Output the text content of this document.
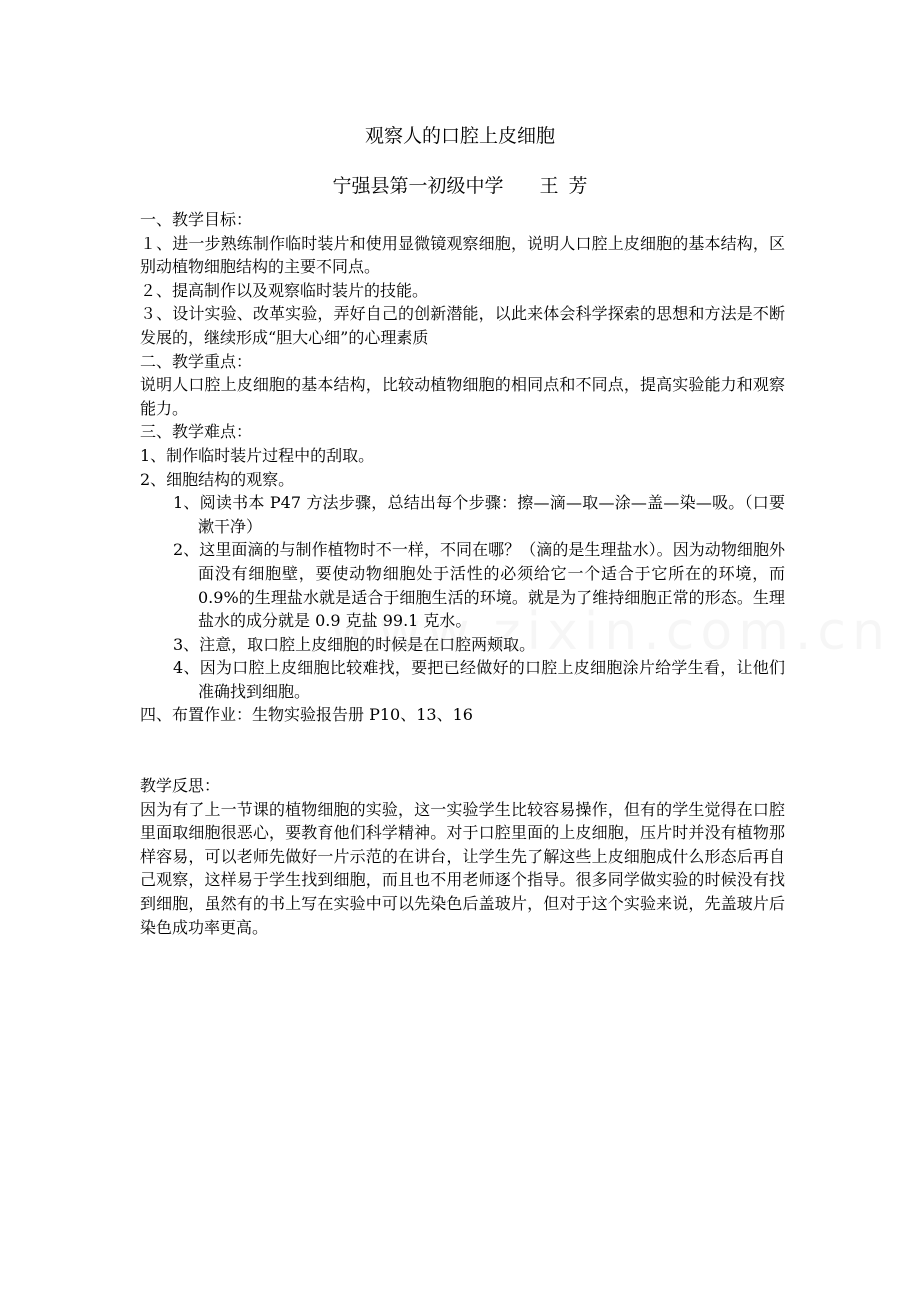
观察人的口腔上皮细胞
宁强县第一初级中学 王 芳

一、教学目标：

１、进一步熟练制作临时装片和使用显微镜观察细胞，说明人口腔上皮细胞的基本结构，区别动植物细胞结构的主要不同点。

２、提高制作以及观察临时装片的技能。

３、设计实验、改革实验，弄好自己的创新潜能，以此来体会科学探索的思想和方法是不断发展的，继续形成“胆大心细”的心理素质

二、教学重点：

说明人口腔上皮细胞的基本结构，比较动植物细胞的相同点和不同点，提高实验能力和观察能力。

三、教学难点：

1、制作临时装片过程中的刮取。

2、细胞结构的观察。

1、阅读书本 P47 方法步骤，总结出每个步骤：擦—滴—取—涂—盖—染—吸。（口要漱干净）

2、这里面滴的与制作植物时不一样，不同在哪？（滴的是生理盐水）。因为动物细胞外面没有细胞壁，要使动物细胞处于活性的必须给它一个适合于它所在的环境，而 0.9%的生理盐水就是适合于细胞生活的环境。就是为了维持细胞正常的形态。生理盐水的成分就是 0.9 克盐 99.1 克水。

3、注意，取口腔上皮细胞的时候是在口腔两颊取。

4、因为口腔上皮细胞比较难找，要把已经做好的口腔上皮细胞涂片给学生看，让他们准确找到细胞。

四、布置作业：生物实验报告册 P10、13、16

教学反思：

因为有了上一节课的植物细胞的实验，这一实验学生比较容易操作，但有的学生觉得在口腔里面取细胞很恶心，要教育他们科学精神。对于口腔里面的上皮细胞，压片时并没有植物那样容易，可以老师先做好一片示范的在讲台，让学生先了解这些上皮细胞成什么形态后再自己观察，这样易于学生找到细胞，而且也不用老师逐个指导。很多同学做实验的时候没有找到细胞，虽然有的书上写在实验中可以先染色后盖玻片，但对于这个实验来说，先盖玻片后染色成功率更高。
